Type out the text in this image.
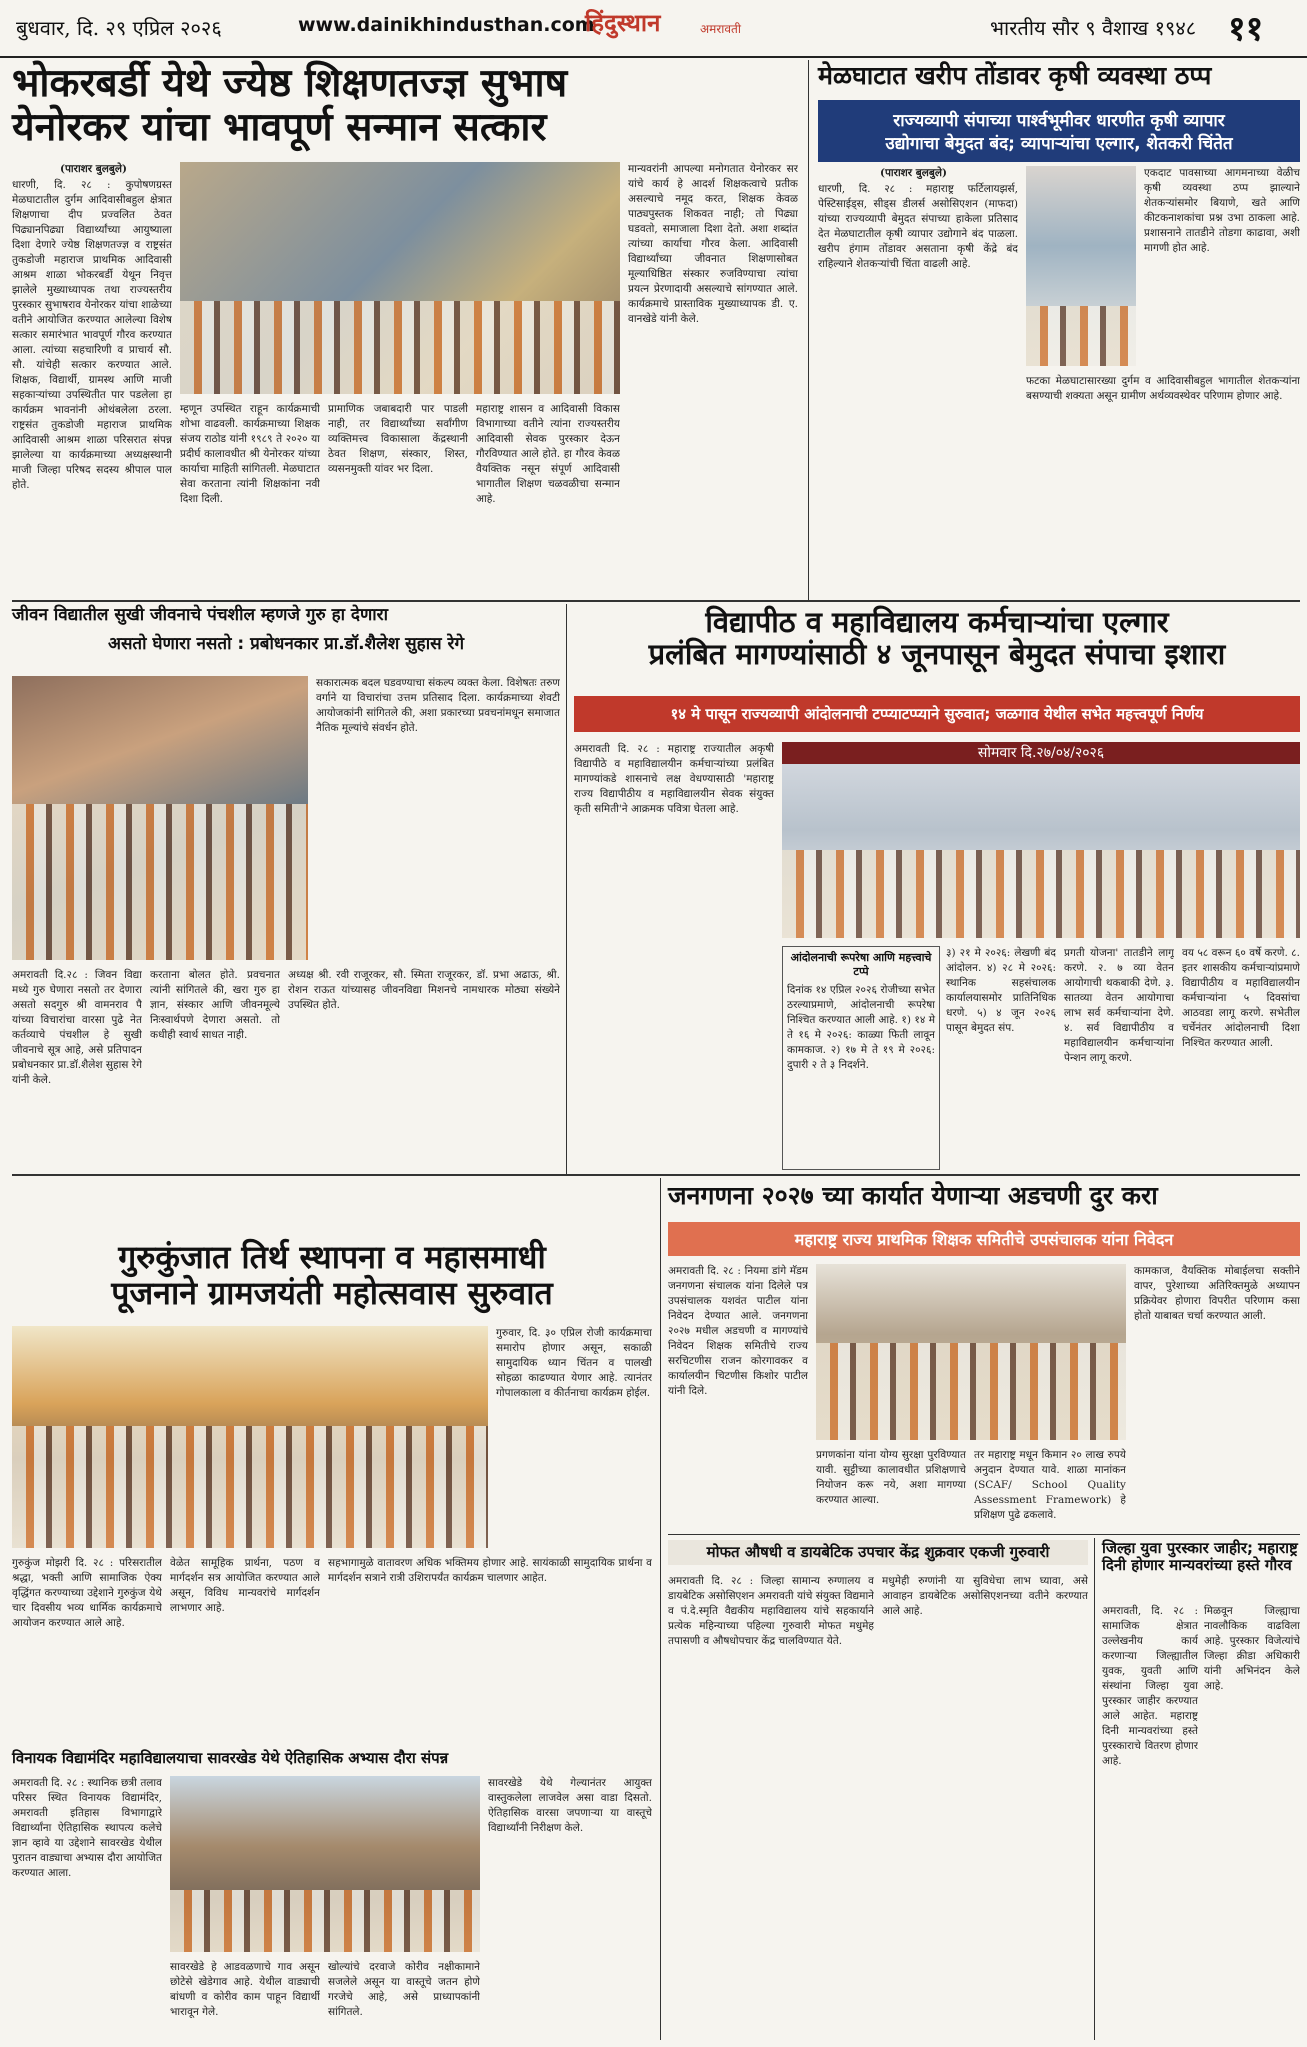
बुधवार, दि. २९ एप्रिल २०२६	www.dainikhindusthan.com
हिंदुस्थान	अमरावती	भारतीय सौर ९ वैशाख १९४८ ११
भोकरबर्डी येथे ज्येष्ठ शिक्षणतज्ज्ञ सुभाष
येनोरकर यांचा भावपूर्ण सन्मान सत्कार
(पाराशर बुलबुले)
धारणी, दि. २८ : कुपोषणग्रस्त मेळघाटातील दुर्गम आदिवासीबहुल क्षेत्रात शिक्षणाचा दीप प्रज्वलित ठेवत पिढ्यानपिढ्या विद्यार्थ्यांच्या आयुष्याला दिशा देणारे ज्येष्ठ शिक्षणतज्ज्ञ व राष्ट्रसंत तुकडोजी महाराज प्राथमिक आदिवासी आश्रम शाळा भोकरबर्डी येथून निवृत्त झालेले मुख्याध्यापक तथा राज्यस्तरीय पुरस्कार सुभाषराव येनोरकर यांचा शाळेच्या वतीने आयोजित करण्यात आलेल्या विशेष सत्कार समारंभात भावपूर्ण गौरव करण्यात आला. त्यांच्या सहचारिणी व प्राचार्य सौ. सौ. यांचेही सत्कार करण्यात आले. शिक्षक, विद्यार्थी, ग्रामस्थ आणि माजी सहकाऱ्यांच्या उपस्थितीत पार पडलेला हा कार्यक्रम भावनांनी ओथंबलेला ठरला. राष्ट्रसंत तुकडोजी महाराज प्राथमिक आदिवासी आश्रम शाळा परिसरात संपन्न झालेल्या या कार्यक्रमाच्या अध्यक्षस्थानी माजी जिल्हा परिषद सदस्य श्रीपाल पाल होते.
मान्यवरांनी आपल्या मनोगतात येनोरकर सर यांचे कार्य हे आदर्श शिक्षकत्वाचे प्रतीक असल्याचे नमूद करत, शिक्षक केवळ पाठ्यपुस्तक शिकवत नाही; तो पिढ्या घडवतो, समाजाला दिशा देतो. अशा शब्दांत त्यांच्या कार्याचा गौरव केला. आदिवासी विद्यार्थ्यांच्या जीवनात शिक्षणासोबत मूल्याधिष्ठित संस्कार रुजविण्याचा त्यांचा प्रयत्न प्रेरणादायी असल्याचे सांगण्यात आले. कार्यक्रमाचे प्रास्ताविक मुख्याध्यापक डी. ए. वानखेडे यांनी केले.
म्हणून उपस्थित राहून कार्यक्रमाची शोभा वाढवली. कार्यक्रमाच्या शिक्षक संजय राठोड यांनी १९८९ ते २०२० या प्रदीर्घ कालावधीत श्री येनोरकर यांच्या कार्याचा माहिती सांगितली. मेळघाटात सेवा करताना त्यांनी शिक्षकांना नवी दिशा दिली.
प्रामाणिक जबाबदारी पार पाडली नाही, तर विद्यार्थ्यांच्या सर्वांगीण व्यक्तिमत्त्व विकासाला केंद्रस्थानी ठेवत शिक्षण, संस्कार, शिस्त, व्यसनमुक्ती यांवर भर दिला.
महाराष्ट्र शासन व आदिवासी विकास विभागाच्या वतीने त्यांना राज्यस्तरीय आदिवासी सेवक पुरस्कार देऊन गौरविण्यात आले होते. हा गौरव केवळ वैयक्तिक नसून संपूर्ण आदिवासी भागातील शिक्षण चळवळीचा सन्मान आहे.
मेळघाटात खरीप तोंडावर कृषी व्यवस्था ठप्प
राज्यव्यापी संपाच्या पार्श्वभूमीवर धारणीत कृषी व्यापार
उद्योगाचा बेमुदत बंद; व्यापाऱ्यांचा एल्गार, शेतकरी चिंतेत
(पाराशर बुलबुले)
धारणी, दि. २८ : महाराष्ट्र फर्टिलायझर्स, पेस्टिसाईड्स, सीड्स डीलर्स असोसिएशन (माफदा) यांच्या राज्यव्यापी बेमुदत संपाच्या हाकेला प्रतिसाद देत मेळघाटातील कृषी व्यापार उद्योगाने बंद पाळला. खरीप हंगाम तोंडावर असताना कृषी केंद्रे बंद राहिल्याने शेतकऱ्यांची चिंता वाढली आहे.
एकदाट पावसाच्या आगमनाच्या वेळीच कृषी व्यवस्था ठप्प झाल्याने शेतकऱ्यांसमोर बियाणे, खते आणि कीटकनाशकांचा प्रश्न उभा ठाकला आहे. प्रशासनाने तातडीने तोडगा काढावा, अशी मागणी होत आहे.
फटका मेळघाटासारख्या दुर्गम व आदिवासीबहुल भागातील शेतकऱ्यांना बसण्याची शक्यता असून ग्रामीण अर्थव्यवस्थेवर परिणाम होणार आहे.
जीवन विद्यातील सुखी जीवनाचे पंचशील म्हणजे गुरु हा देणारा
असतो घेणारा नसतो : प्रबोधनकार प्रा.डॉ.शैलेश सुहास रेगे
सकारात्मक बदल घडवण्याचा संकल्प व्यक्त केला. विशेषतः तरुण वर्गाने या विचारांचा उत्तम प्रतिसाद दिला. कार्यक्रमाच्या शेवटी आयोजकांनी सांगितले की, अशा प्रकारच्या प्रवचनांमधून समाजात नैतिक मूल्यांचे संवर्धन होते.
अमरावती दि.२८ : जिवन विद्या मध्ये गुरु घेणारा नसतो तर देणारा असतो सदगुरु श्री वामनराव पै यांच्या विचारांचा वारसा पुढे नेत कर्तव्याचे पंचशील हे सुखी जीवनाचे सूत्र आहे, असे प्रतिपादन प्रबोधनकार प्रा.डॉ.शैलेश सुहास रेगे यांनी केले.
करताना बोलत होते. प्रवचनात त्यांनी सांगितले की, खरा गुरु हा ज्ञान, संस्कार आणि जीवनमूल्ये निःस्वार्थपणे देणारा असतो. तो कधीही स्वार्थ साधत नाही.
अध्यक्ष श्री. रवी राजूरकर, सौ. स्मिता राजूरकर, डॉ. प्रभा अढाऊ, श्री. रोशन राऊत यांच्यासह जीवनविद्या मिशनचे नामधारक मोठ्या संख्येने उपस्थित होते.
विद्यापीठ व महाविद्यालय कर्मचाऱ्यांचा एल्गार
प्रलंबित मागण्यांसाठी ४ जूनपासून बेमुदत संपाचा इशारा
१४ मे पासून राज्यव्यापी आंदोलनाची टप्प्याटप्प्याने सुरुवात; जळगाव येथील सभेत महत्त्वपूर्ण निर्णय
अमरावती दि. २८ : महाराष्ट्र राज्यातील अकृषी विद्यापीठे व महाविद्यालयीन कर्मचाऱ्यांच्या प्रलंबित मागण्यांकडे शासनाचे लक्ष वेधण्यासाठी 'महाराष्ट्र राज्य विद्यापीठीय व महाविद्यालयीन सेवक संयुक्त कृती समिती'ने आक्रमक पवित्रा घेतला आहे.
सोमवार दि.२७/०४/२०२६
आंदोलनाची रूपरेषा आणि महत्त्वाचे टप्पे
दिनांक १४ एप्रिल २०२६ रोजीच्या सभेत ठरल्याप्रमाणे, आंदोलनाची रूपरेषा निश्चित करण्यात आली आहे. १) १४ मे ते १६ मे २०२६: काळ्या फिती लावून कामकाज. २) १७ मे ते १९ मे २०२६: दुपारी २ ते ३ निदर्शने.
३) २१ मे २०२६: लेखणी बंद आंदोलन. ४) २८ मे २०२६: स्थानिक सहसंचालक कार्यालयासमोर प्रातिनिधिक धरणे. ५) ४ जून २०२६ पासून बेमुदत संप.
प्रगती योजना' तातडीने लागू करणे. २. ७ व्या वेतन आयोगाची थकबाकी देणे. ३. सातव्या वेतन आयोगाचा लाभ सर्व कर्मचाऱ्यांना देणे. ४. सर्व विद्यापीठीय व महाविद्यालयीन कर्मचाऱ्यांना पेन्शन लागू करणे.
वय ५८ वरून ६० वर्षे करणे. ८. इतर शासकीय कर्मचाऱ्यांप्रमाणे विद्यापीठीय व महाविद्यालयीन कर्मचाऱ्यांना ५ दिवसांचा आठवडा लागू करणे. सभेतील चर्चेनंतर आंदोलनाची दिशा निश्चित करण्यात आली.
गुरुकुंजात तिर्थ स्थापना व महासमाधी
पूजनाने ग्रामजयंती महोत्सवास सुरुवात
गुरुवार, दि. ३० एप्रिल रोजी कार्यक्रमाचा समारोप होणार असून, सकाळी सामुदायिक ध्यान चिंतन व पालखी सोहळा काढण्यात येणार आहे. त्यानंतर गोपालकाला व कीर्तनाचा कार्यक्रम होईल.
गुरुकुंज मोझरी दि. २८ : परिसरातील श्रद्धा, भक्ती आणि सामाजिक ऐक्य वृद्धिंगत करण्याच्या उद्देशाने गुरुकुंज येथे चार दिवसीय भव्य धार्मिक कार्यक्रमाचे आयोजन करण्यात आले आहे.
वेळेत सामूहिक प्रार्थना, पठण व मार्गदर्शन सत्र आयोजित करण्यात आले असून, विविध मान्यवरांचे मार्गदर्शन लाभणार आहे.
सहभागामुळे वातावरण अधिक भक्तिमय होणार आहे. सायंकाळी सामुदायिक प्रार्थना व मार्गदर्शन सत्राने रात्री उशिरापर्यंत कार्यक्रम चालणार आहेत.
जनगणना २०२७ च्या कार्यात येणाऱ्या अडचणी दुर करा
महाराष्ट्र राज्य प्राथमिक शिक्षक समितीचे उपसंचालक यांना निवेदन
अमरावती दि. २८ : नियमा डांगे मॅडम जनगणना संचालक यांना दिलेले पत्र उपसंचालक यशवंत पाटील यांना निवेदन देण्यात आले. जनगणना २०२७ मधील अडचणी व मागण्यांचे निवेदन शिक्षक समितीचे राज्य सरचिटणीस राजन कोरगावकर व कार्यालयीन चिटणीस किशोर पाटील यांनी दिले.
कामकाज, वैयक्तिक मोबाईलचा सक्तीने वापर, पुरेशाच्या अतिरिक्तमुळे अध्यापन प्रक्रियेवर होणारा विपरीत परिणाम कसा होतो याबाबत चर्चा करण्यात आली.
प्रगणकांना यांना योग्य सुरक्षा पुरविण्यात यावी. सुट्टीच्या कालावधीत प्रशिक्षणाचे नियोजन करू नये, अशा मागण्या करण्यात आल्या.
तर महाराष्ट्र मधून किमान २० लाख रुपये अनुदान देण्यात यावे. शाळा मानांकन (SCAF/ School Quality Assessment Framework) हे प्रशिक्षण पुढे ढकलावे.
मोफत औषधी व डायबेटिक उपचार केंद्र शुक्रवार एकजी गुरुवारी
अमरावती दि. २८ : जिल्हा सामान्य रुग्णालय व डायबेटिक असोसिएशन अमरावती यांचे संयुक्त विद्यमाने व पं.दे.स्मृति वैद्यकीय महाविद्यालय यांचे सहकार्याने प्रत्येक महिन्याच्या पहिल्या गुरुवारी मोफत मधुमेह तपासणी व औषधोपचार केंद्र चालविण्यात येते.
मधुमेही रुग्णांनी या सुविधेचा लाभ घ्यावा, असे आवाहन डायबेटिक असोसिएशनच्या वतीने करण्यात आले आहे.
जिल्हा युवा पुरस्कार जाहीर; महाराष्ट्र
दिनी होणार मान्यवरांच्या हस्ते गौरव
अमरावती, दि. २८ : सामाजिक क्षेत्रात उल्लेखनीय कार्य करणाऱ्या जिल्ह्यातील युवक, युवती आणि संस्थांना जिल्हा युवा पुरस्कार जाहीर करण्यात आले आहेत. महाराष्ट्र दिनी मान्यवरांच्या हस्ते पुरस्काराचे वितरण होणार आहे.
मिळवून जिल्ह्याचा नावलौकिक वाढविला आहे. पुरस्कार विजेत्यांचे जिल्हा क्रीडा अधिकारी यांनी अभिनंदन केले आहे.
विनायक विद्यामंदिर महाविद्यालयाचा सावरखेड येथे ऐतिहासिक अभ्यास दौरा संपन्न
अमरावती दि. २८ : स्थानिक छत्री तलाव परिसर स्थित विनायक विद्यामंदिर, अमरावती इतिहास विभागाद्वारे विद्यार्थ्यांना ऐतिहासिक स्थापत्य कलेचे ज्ञान व्हावे या उद्देशाने सावरखेड येथील पुरातन वाड्याचा अभ्यास दौरा आयोजित करण्यात आला.
सावरखेडे येथे गेल्यानंतर आयुक्त वास्तुकलेला लाजवेल असा वाडा दिसतो. ऐतिहासिक वारसा जपणाऱ्या या वास्तूचे विद्यार्थ्यांनी निरीक्षण केले.
सावरखेडे हे आडवळणाचे गाव असून छोटेसे खेडेगाव आहे. येथील वाड्याची बांधणी व कोरीव काम पाहून विद्यार्थी भारावून गेले.
खोल्यांचे दरवाजे कोरीव नक्षीकामाने सजलेले असून या वास्तूचे जतन होणे गरजेचे आहे, असे प्राध्यापकांनी सांगितले.
